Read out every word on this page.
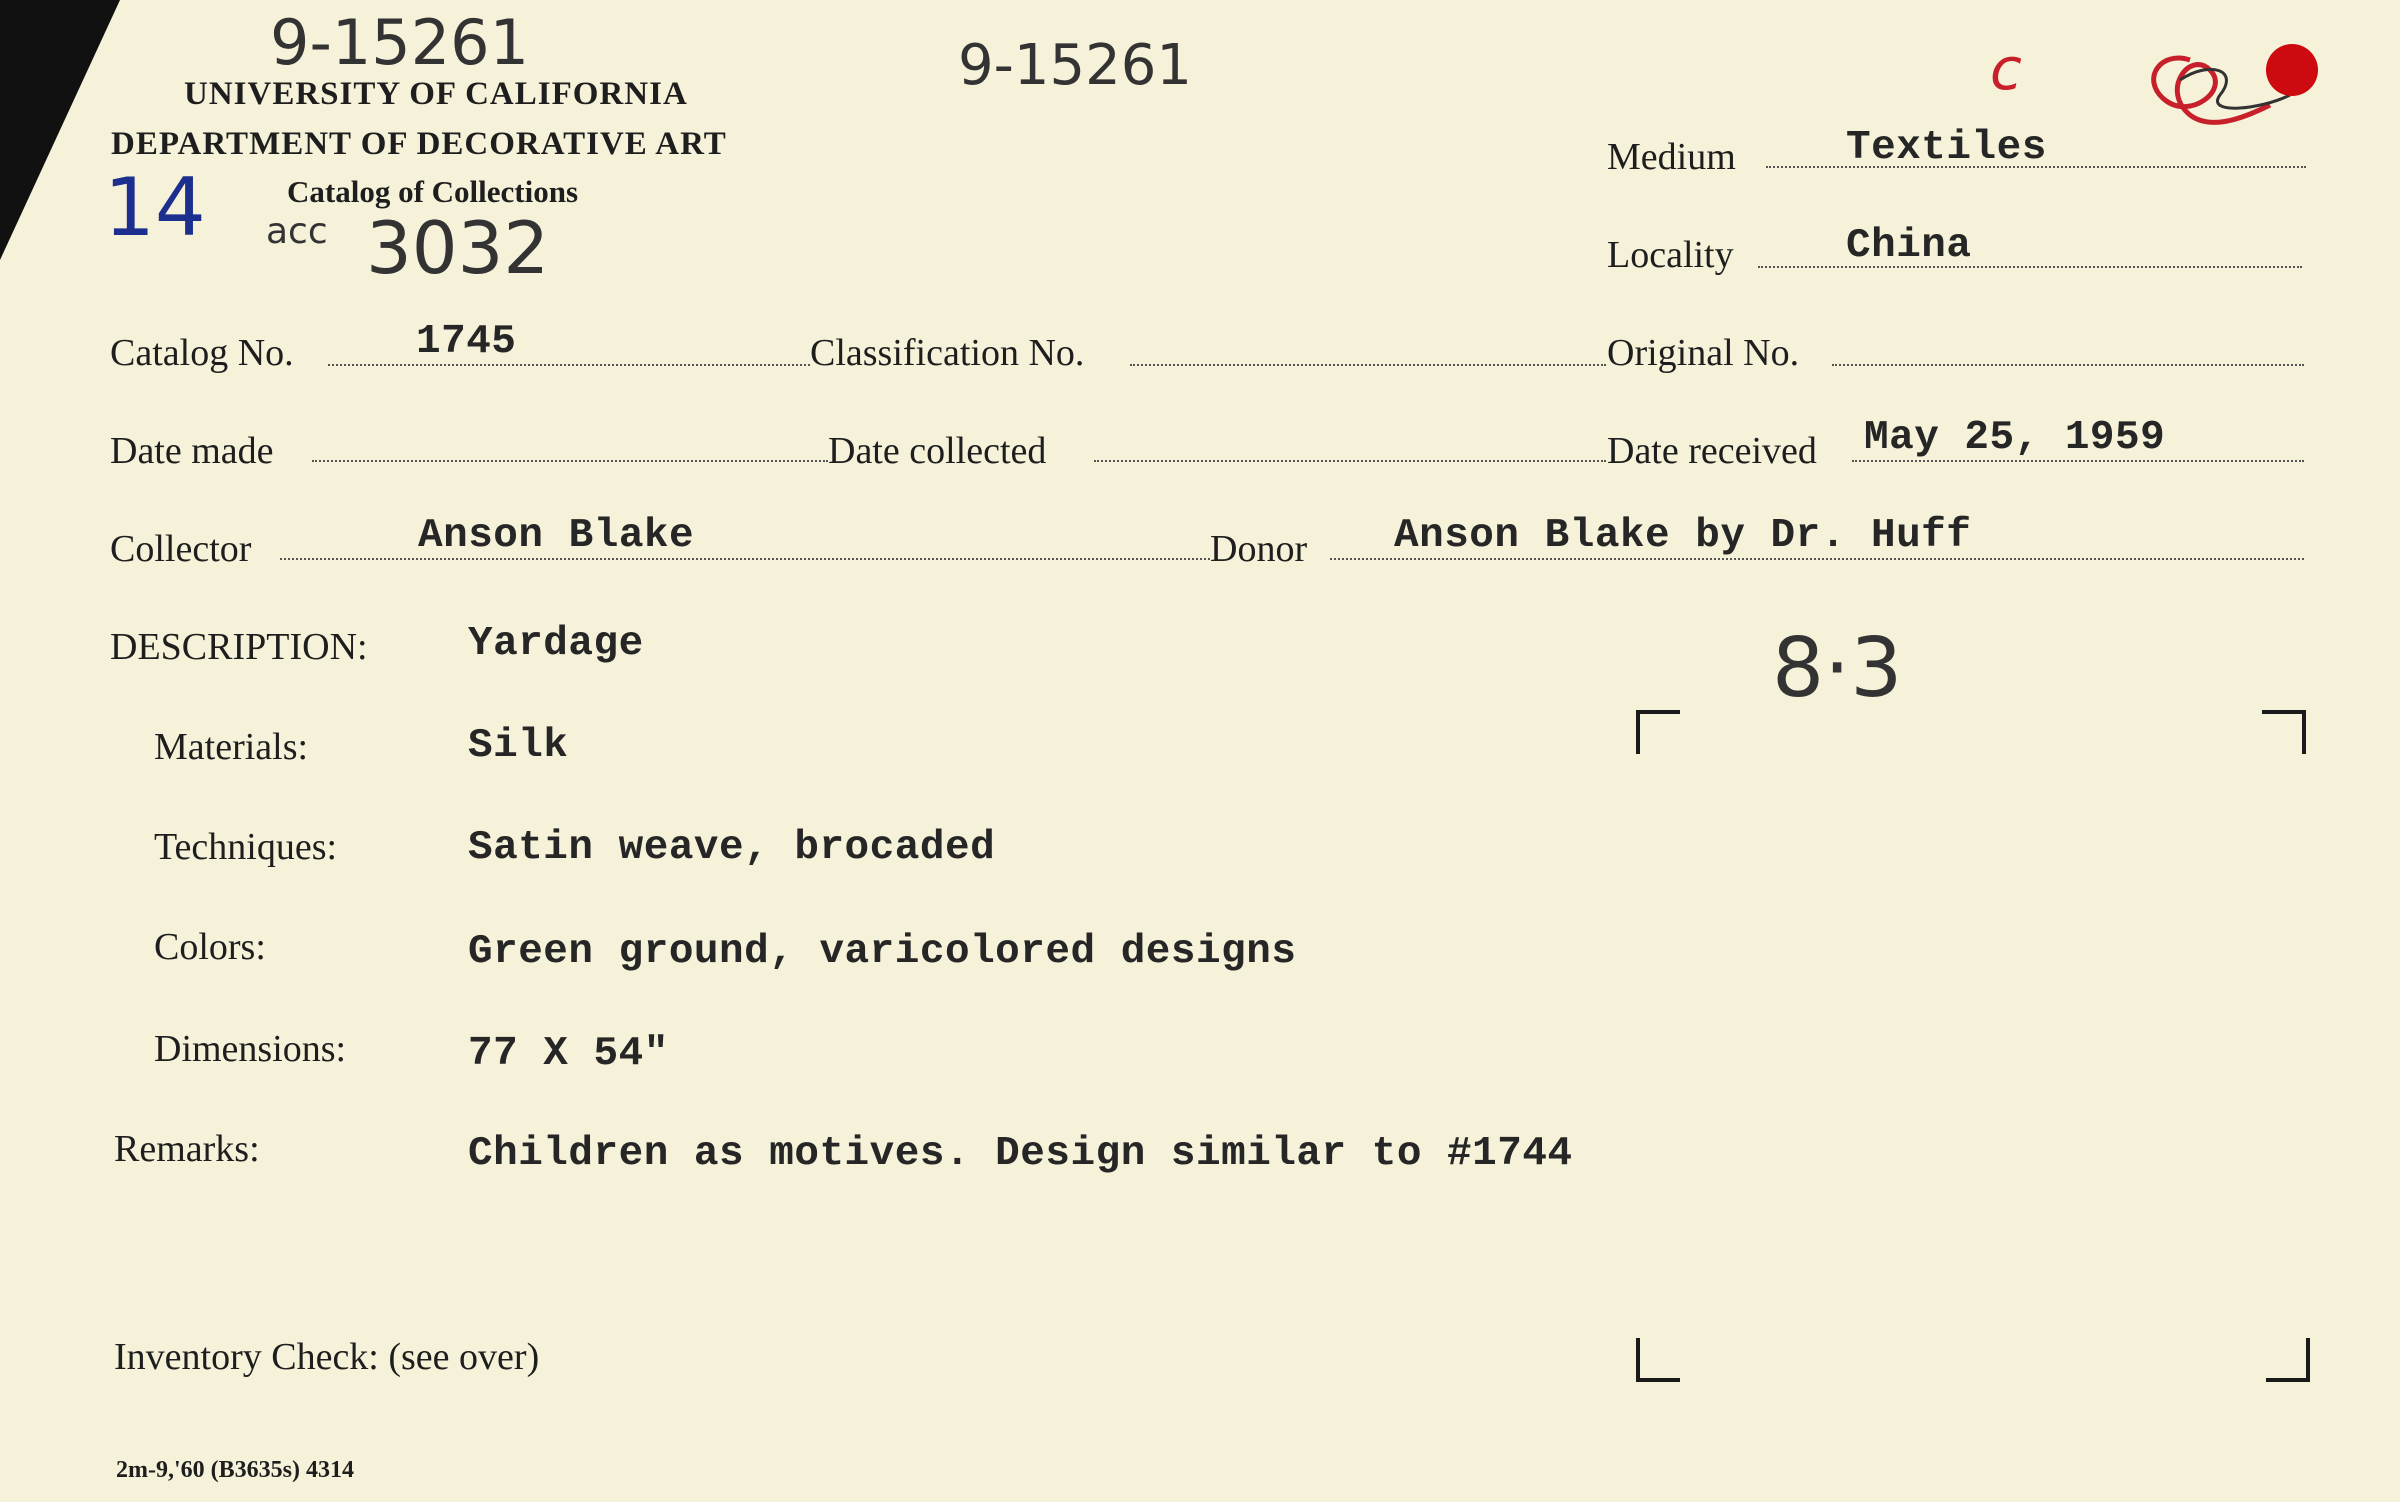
9-15261	9-15261	c
14 acc 3032
8·3
UNIVERSITY OF CALIFORNIA
DEPARTMENT OF DECORATIVE ART
Catalog of Collections
Medium	Textiles
Locality	China
Catalog No.	1745	Classification No.	Original No.
Date made	Date collected	Date received May 25, 1959
Collector	Anson Blake	Donor Anson Blake by Dr. Huff
DESCRIPTION: Yardage
Materials:	Silk
Techniques:	Satin weave, brocaded
Colors:	Green ground, varicolored designs
Dimensions:	77 X 54"
Remarks:	Children as motives. Design similar to #1744
Inventory Check: (see over)
2m-9,'60 (B3635s) 4314
